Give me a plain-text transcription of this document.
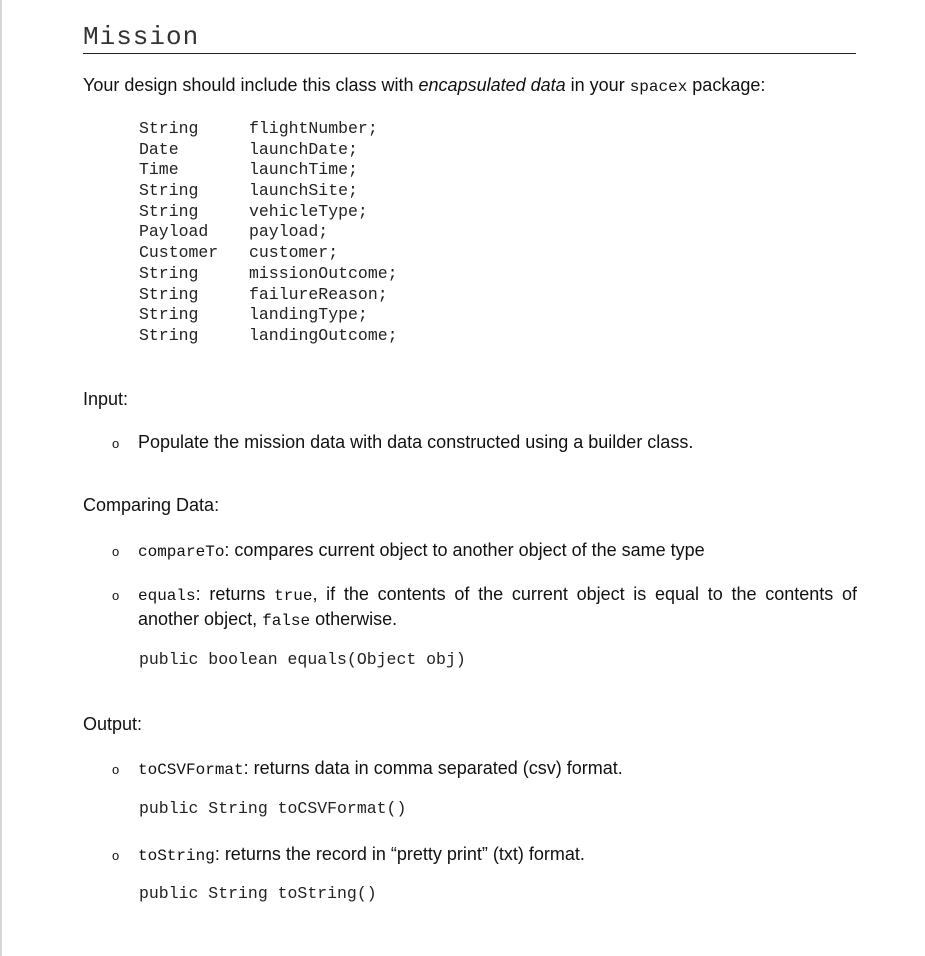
Mission

Your design should include this class with encapsulated data in your spacex package:

String	flightNumber;
Date	launchDate;
Time	launchTime;
String	launchSite;
String	vehicleType;
Payload payload;
Customer customer;
String	missionOutcome;
String	failureReason;
String	landingType;
String	landingOutcome;
Input:
o Populate the mission data with data constructed using a builder class.
Comparing Data:
o compareTo: compares current object to another object of the same type
o equals: returns true, if the contents of the current object is equal to the contents of another object, false otherwise.
public boolean equals(Object obj)
Output:
o toCSVFormat: returns data in comma separated (csv) format.
public String toCSVFormat()
o toString: returns the record in “pretty print” (txt) format.
public String toString()
